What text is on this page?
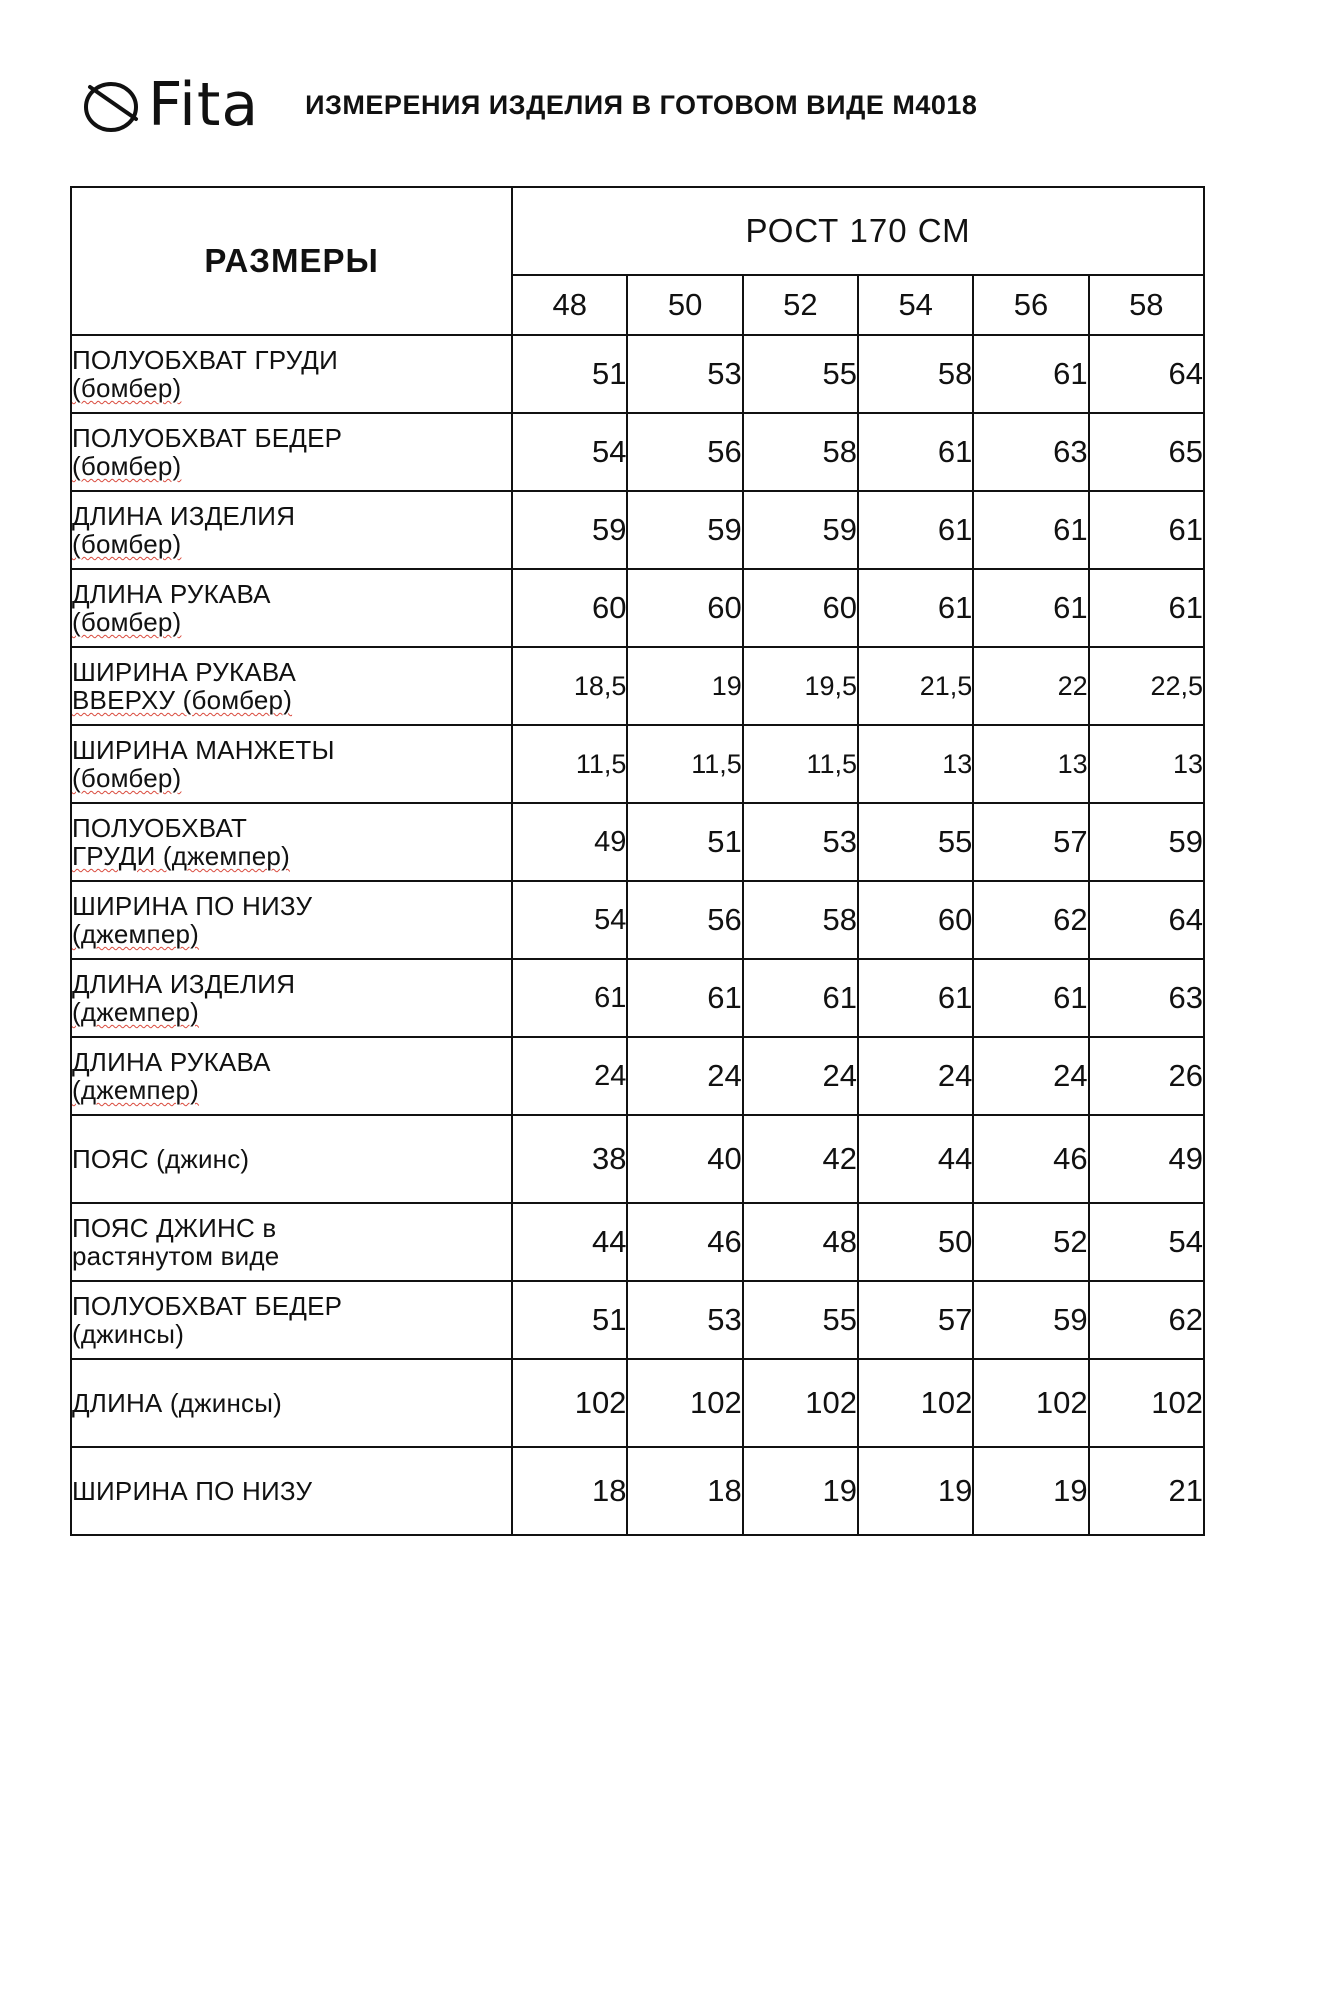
Fita ИЗМЕРЕНИЯ ИЗДЕЛИЯ В ГОТОВОМ ВИДЕ М4018
РАЗМЕРЫ	РОСТ 170 СМ					
	48	50	52	54	56	58

ПОЛУОБХВАТ ГРУДИ
(бомбер)	51	53	55	58	61	64

ПОЛУОБХВАТ БЕДЕР
(бомбер)	54	56	58	61	63	65

ДЛИНА ИЗДЕЛИЯ
(бомбер)	59	59	59	61	61	61

ДЛИНА РУКАВА
(бомбер)	60	60	60	61	61	61

ШИРИНА РУКАВА
ВВЕРХУ (бомбер)	18,5	19	19,5	21,5	22	22,5

ШИРИНА МАНЖЕТЫ
(бомбер)	11,5	11,5	11,5	13	13	13

ПОЛУОБХВАТ
ГРУДИ (джемпер)	49	51	53	55	57	59

ШИРИНА ПО НИЗУ
(джемпер)	54	56	58	60	62	64

ДЛИНА ИЗДЕЛИЯ
(джемпер)	61	61	61	61	61	63

ДЛИНА РУКАВА
(джемпер)	24	24	24	24	24	26

ПОЯС (джинс)	38	40	42	44	46	49

ПОЯС ДЖИНС в
растянутом виде	44	46	48	50	52	54

ПОЛУОБХВАТ БЕДЕР
(джинсы)	51	53	55	57	59	62

ДЛИНА (джинсы)	102	102	102	102	102	102

ШИРИНА ПО НИЗУ	18	18	19	19	19	21
